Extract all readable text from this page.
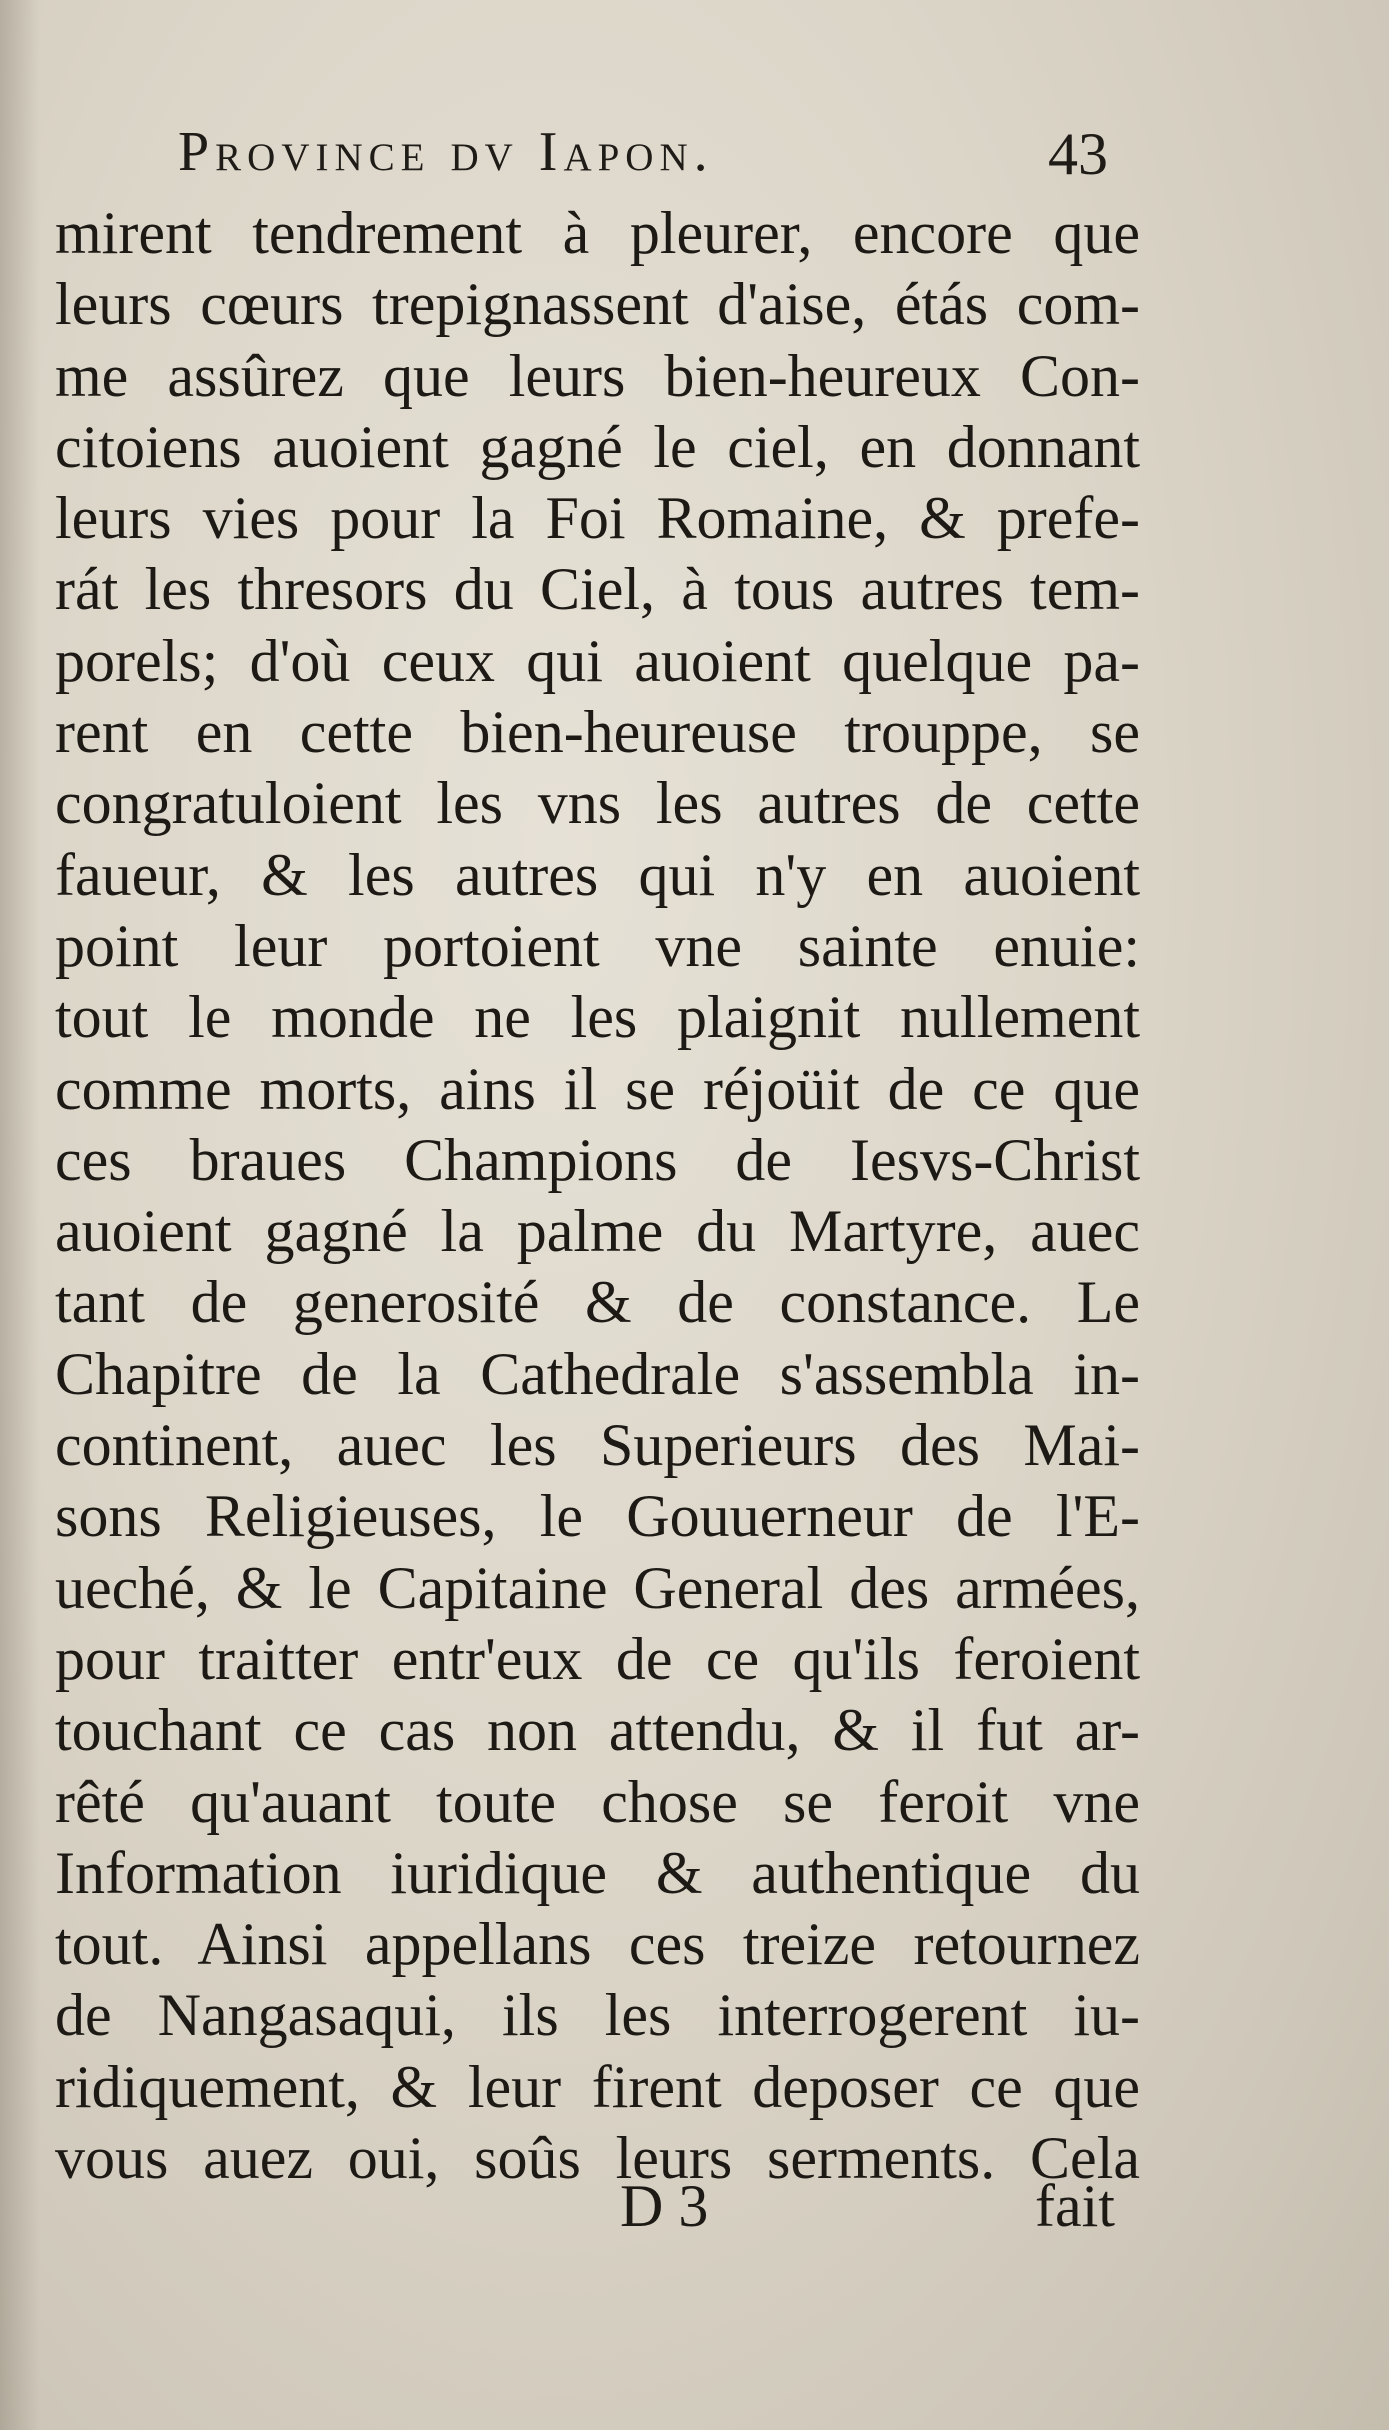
Province dv Iapon.	43
mirent tendrement à pleurer, encore que
leurs cœurs trepignassent d'aise, étás com-
me assûrez que leurs bien-heureux Con-
citoiens auoient gagné le ciel, en donnant
leurs vies pour la Foi Romaine, & prefe-
rát les thresors du Ciel, à tous autres tem-
porels; d'où ceux qui auoient quelque pa-
rent en cette bien-heureuse trouppe, se
congratuloient les vns les autres de cette
faueur, & les autres qui n'y en auoient
point leur portoient vne sainte enuie:
tout le monde ne les plaignit nullement
comme morts, ains il se réjoüit de ce que
ces braues Champions de Iesvs-Christ
auoient gagné la palme du Martyre, auec
tant de generosité & de constance. Le
Chapitre de la Cathedrale s'assembla in-
continent, auec les Superieurs des Mai-
sons Religieuses, le Gouuerneur de l'E-
ueché, & le Capitaine General des armées,
pour traitter entr'eux de ce qu'ils feroient
touchant ce cas non attendu, & il fut ar-
rêté qu'auant toute chose se feroit vne
Information iuridique & authentique du
tout. Ainsi appellans ces treize retournez
de Nangasaqui, ils les interrogerent iu-
ridiquement, & leur firent deposer ce que
vous auez oui, soûs leurs serments. Cela
D 3	fait
